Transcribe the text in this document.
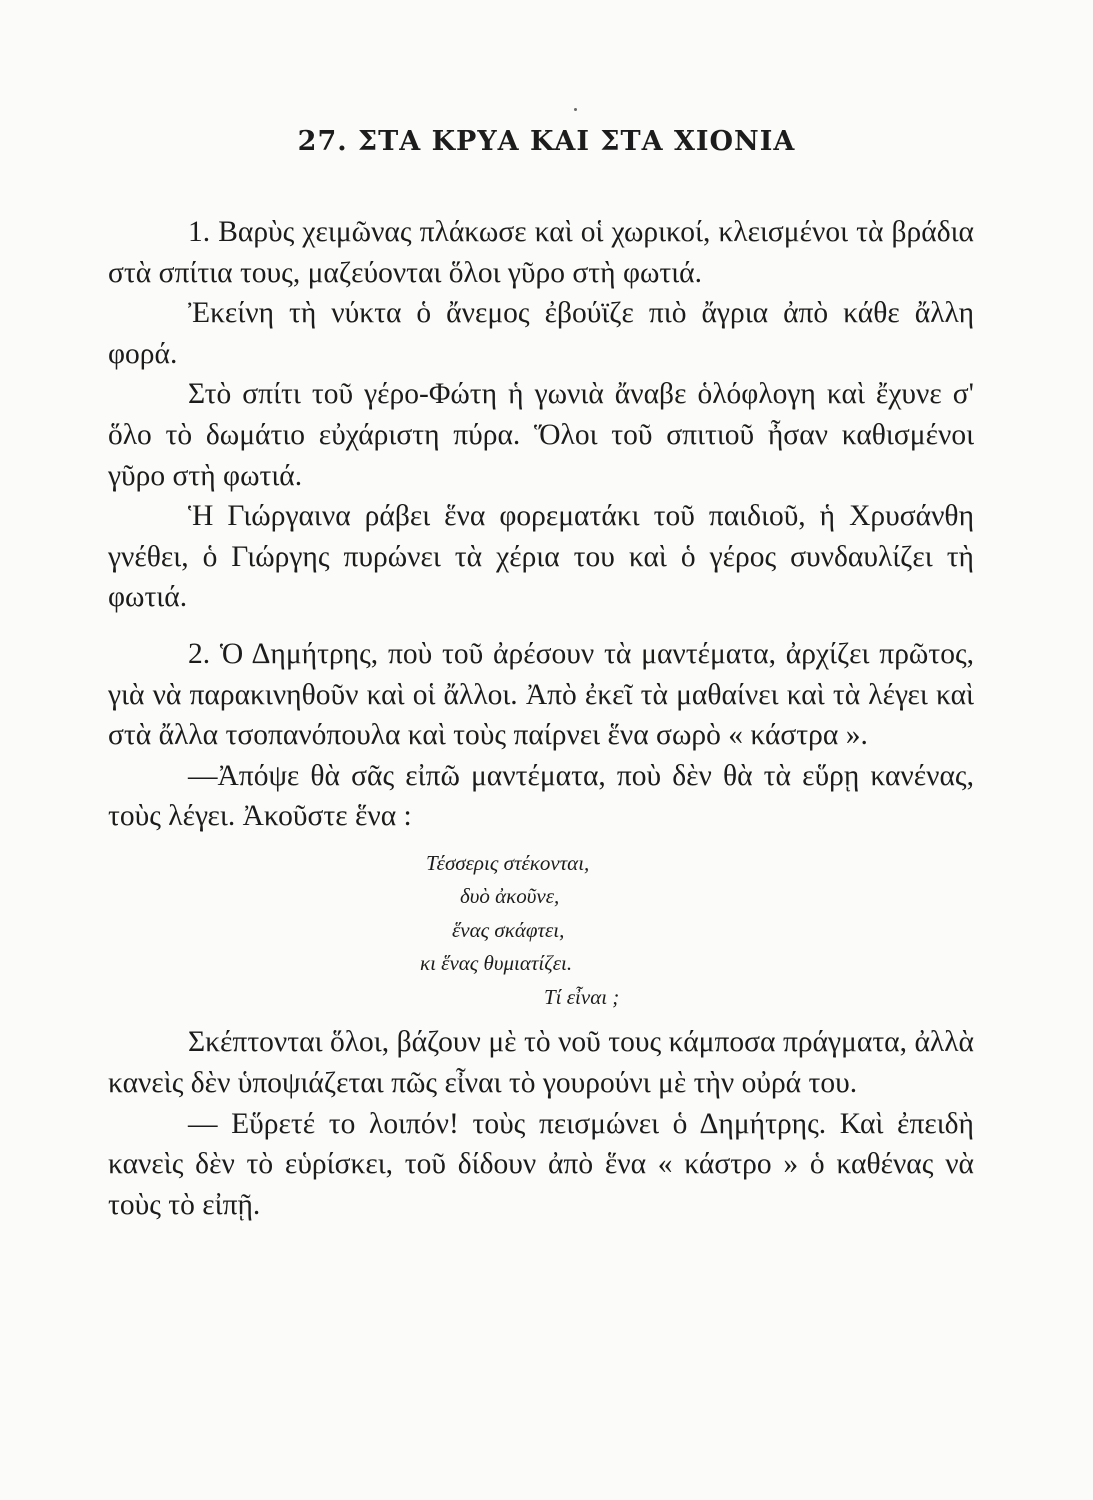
27. ΣΤΑ ΚΡΥΑ ΚΑΙ ΣΤΑ ΧΙΟΝΙΑ

1. Βαρὺς χειμῶνας πλάκωσε καὶ οἱ χωρικοί, κλεισμένοι τὰ βράδια στὰ σπίτια τους, μαζεύονται ὅλοι γῦρο στὴ φωτιά.

Ἐκείνη τὴ νύκτα ὁ ἄνεμος ἐβούϊζε πιὸ ἄγρια ἀπὸ κάθε ἄλλη φορά.

Στὸ σπίτι τοῦ γέρο-Φώτη ἡ γωνιὰ ἄναβε ὁλόφλογη καὶ ἔχυνε σ' ὅλο τὸ δωμάτιο εὐχάριστη πύρα. Ὅλοι τοῦ σπιτιοῦ ἦσαν καθισμένοι γῦρο στὴ φωτιά.

Ἡ Γιώργαινα ράβει ἕνα φορεματάκι τοῦ παιδιοῦ, ἡ Χρυσάνθη γνέθει, ὁ Γιώργης πυρώνει τὰ χέρια του καὶ ὁ γέρος συνδαυλίζει τὴ φωτιά.

2. Ὁ Δημήτρης, ποὺ τοῦ ἀρέσουν τὰ μαντέματα, ἀρχίζει πρῶτος, γιὰ νὰ παρακινηθοῦν καὶ οἱ ἄλλοι. Ἀπὸ ἐκεῖ τὰ μαθαίνει καὶ τὰ λέγει καὶ στὰ ἄλλα τσοπανόπουλα καὶ τοὺς παίρνει ἕνα σωρὸ « κάστρα ».

—Ἀπόψε θὰ σᾶς εἰπῶ μαντέματα, ποὺ δὲν θὰ τὰ εὕρῃ κανένας, τοὺς λέγει. Ἀκοῦστε ἕνα :

Τέσσερις στέκονται,
δυὸ ἀκοῦνε,
ἕνας σκάφτει,
κι ἕνας θυμιατίζει.
Τί εἶναι ;

Σκέπτονται ὅλοι, βάζουν μὲ τὸ νοῦ τους κάμποσα πράγματα, ἀλλὰ κανεὶς δὲν ὑποψιάζεται πῶς εἶναι τὸ γουρούνι μὲ τὴν οὐρά του.

— Εὕρετέ το λοιπόν! τοὺς πεισμώνει ὁ Δημήτρης. Καὶ ἐπειδὴ κανεὶς δὲν τὸ εὑρίσκει, τοῦ δίδουν ἀπὸ ἕνα « κάστρο » ὁ καθένας νὰ τοὺς τὸ εἰπῇ.
